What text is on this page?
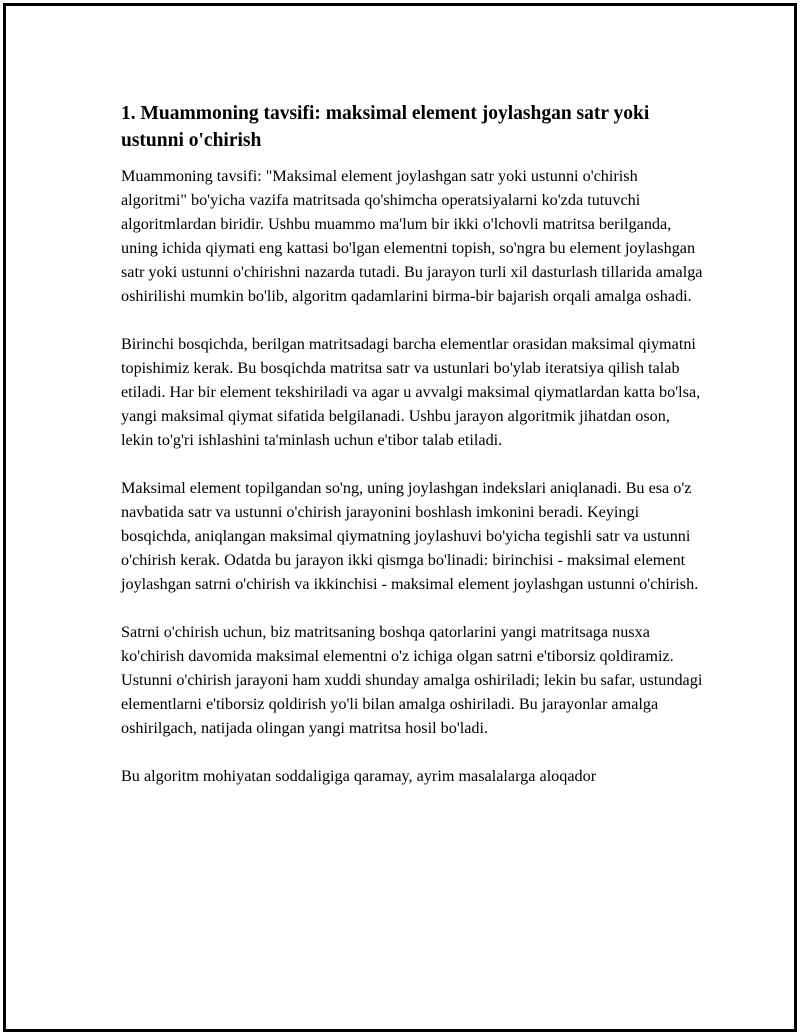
1. Muammoning tavsifi: maksimal element joylashgan satr yoki ustunni o'chirish

Muammoning tavsifi: "Maksimal element joylashgan satr yoki ustunni o'chirish algoritmi" bo'yicha vazifa matritsada qo'shimcha operatsiyalarni ko'zda tutuvchi algoritmlardan biridir. Ushbu muammo ma'lum bir ikki o'lchovli matritsa berilganda, uning ichida qiymati eng kattasi bo'lgan elementni topish, so'ngra bu element joylashgan satr yoki ustunni o'chirishni nazarda tutadi. Bu jarayon turli xil dasturlash tillarida amalga oshirilishi mumkin bo'lib, algoritm qadamlarini birma-bir bajarish orqali amalga oshadi.

Birinchi bosqichda, berilgan matritsadagi barcha elementlar orasidan maksimal qiymatni topishimiz kerak. Bu bosqichda matritsa satr va ustunlari bo'ylab iteratsiya qilish talab etiladi. Har bir element tekshiriladi va agar u avvalgi maksimal qiymatlardan katta bo'lsa, yangi maksimal qiymat sifatida belgilanadi. Ushbu jarayon algoritmik jihatdan oson, lekin to'g'ri ishlashini ta'minlash uchun e'tibor talab etiladi.

Maksimal element topilgandan so'ng, uning joylashgan indekslari aniqlanadi. Bu esa o'z navbatida satr va ustunni o'chirish jarayonini boshlash imkonini beradi. Keyingi bosqichda, aniqlangan maksimal qiymatning joylashuvi bo'yicha tegishli satr va ustunni o'chirish kerak. Odatda bu jarayon ikki qismga bo'linadi: birinchisi - maksimal element joylashgan satrni o'chirish va ikkinchisi - maksimal element joylashgan ustunni o'chirish.

Satrni o'chirish uchun, biz matritsaning boshqa qatorlarini yangi matritsaga nusxa ko'chirish davomida maksimal elementni o'z ichiga olgan satrni e'tiborsiz qoldiramiz. Ustunni o'chirish jarayoni ham xuddi shunday amalga oshiriladi; lekin bu safar, ustundagi elementlarni e'tiborsiz qoldirish yo'li bilan amalga oshiriladi. Bu jarayonlar amalga oshirilgach, natijada olingan yangi matritsa hosil bo'ladi.

Bu algoritm mohiyatan soddaligiga qaramay, ayrim masalalarga aloqador
